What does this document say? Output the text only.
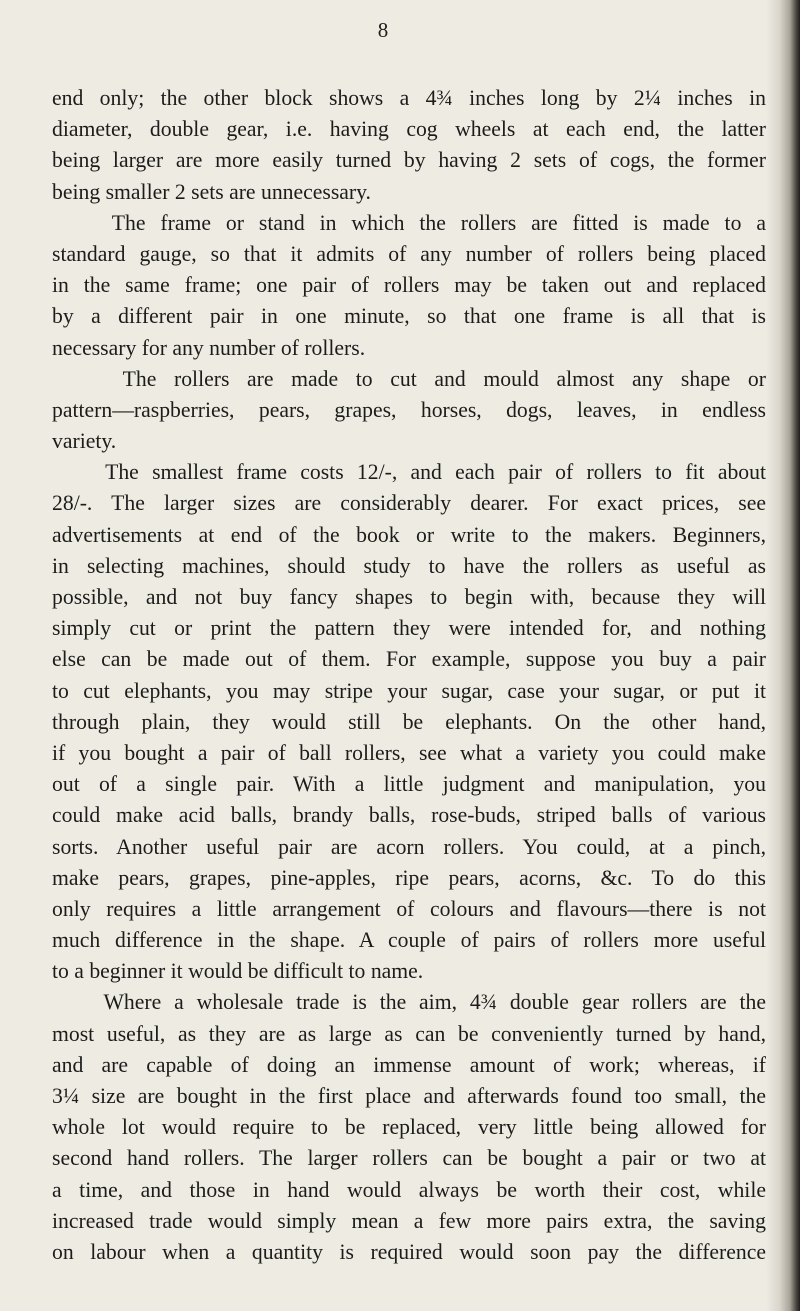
8
end only; the other block shows a 4¾ inches long by 2¼ inches in
diameter, double gear, i.e. having cog wheels at each end, the latter
being larger are more easily turned by having 2 sets of cogs, the former
being smaller 2 sets are unnecessary.
The frame or stand in which the rollers are fitted is made to a
standard gauge, so that it admits of any number of rollers being placed
in the same frame; one pair of rollers may be taken out and replaced
by a different pair in one minute, so that one frame is all that is
necessary for any number of rollers.
The rollers are made to cut and mould almost any shape or
pattern—raspberries, pears, grapes, horses, dogs, leaves, in endless
variety.
The smallest frame costs 12/-, and each pair of rollers to fit about
28/-. The larger sizes are considerably dearer. For exact prices, see
advertisements at end of the book or write to the makers. Beginners,
in selecting machines, should study to have the rollers as useful as
possible, and not buy fancy shapes to begin with, because they will
simply cut or print the pattern they were intended for, and nothing
else can be made out of them. For example, suppose you buy a pair
to cut elephants, you may stripe your sugar, case your sugar, or put it
through plain, they would still be elephants. On the other hand,
if you bought a pair of ball rollers, see what a variety you could make
out of a single pair. With a little judgment and manipulation, you
could make acid balls, brandy balls, rose-buds, striped balls of various
sorts. Another useful pair are acorn rollers. You could, at a pinch,
make pears, grapes, pine-apples, ripe pears, acorns, &c. To do this
only requires a little arrangement of colours and flavours—there is not
much difference in the shape. A couple of pairs of rollers more useful
to a beginner it would be difficult to name.
Where a wholesale trade is the aim, 4¾ double gear rollers are the
most useful, as they are as large as can be conveniently turned by hand,
and are capable of doing an immense amount of work; whereas, if
3¼ size are bought in the first place and afterwards found too small, the
whole lot would require to be replaced, very little being allowed for
second hand rollers. The larger rollers can be bought a pair or two at
a time, and those in hand would always be worth their cost, while
increased trade would simply mean a few more pairs extra, the saving
on labour when a quantity is required would soon pay the difference
